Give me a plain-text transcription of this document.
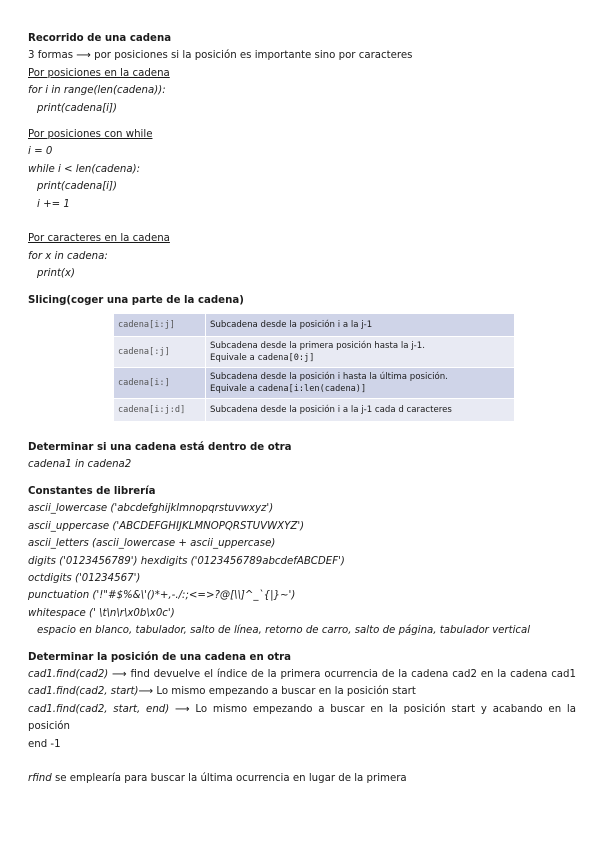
Recorrido de una cadena
3 formas ⟶ por posiciones si la posición es importante sino por caracteres
Por posiciones en la cadena
for i in range(len(cadena)):
print(cadena[i])
Por posiciones con while
i = 0
while i < len(cadena):
print(cadena[i])
i += 1
Por caracteres en la cadena
for x in cadena:
print(x)
Slicing(coger una parte de la cadena)
cadena[i:j]	Subcadena desde la posición i a la j-1
cadena[:j]	Subcadena desde la primera posición hasta la j-1.
Equivale a cadena[0:j]
cadena[i:]	Subcadena desde la posición i hasta la última posición.
Equivale a cadena[i:len(cadena)]
cadena[i:j:d]	Subcadena desde la posición i a la j-1 cada d caracteres
Determinar si una cadena está dentro de otra
cadena1 in cadena2
Constantes de librería
ascii_lowercase ('abcdefghijklmnopqrstuvwxyz')
ascii_uppercase ('ABCDEFGHIJKLMNOPQRSTUVWXYZ')
ascii_letters (ascii_lowercase + ascii_uppercase)
digits ('0123456789') hexdigits ('0123456789abcdefABCDEF')
octdigits ('01234567')
punctuation ('!"#$%&\'()*+,-./:;<=>?@[\\]^_`{|}~')
whitespace (' \t\n\r\x0b\x0c')
espacio en blanco, tabulador, salto de línea, retorno de carro, salto de página, tabulador vertical
Determinar la posición de una cadena en otra
cad1.find(cad2) ⟶ find devuelve el índice de la primera ocurrencia de la cadena cad2 en la cadena cad1
cad1.find(cad2, start)⟶ Lo mismo empezando a buscar en la posición start
cad1.find(cad2, start, end) ⟶ Lo mismo empezando a buscar en la posición start y acabando en la posición
end -1
rfind se emplearía para buscar la última ocurrencia en lugar de la primera
